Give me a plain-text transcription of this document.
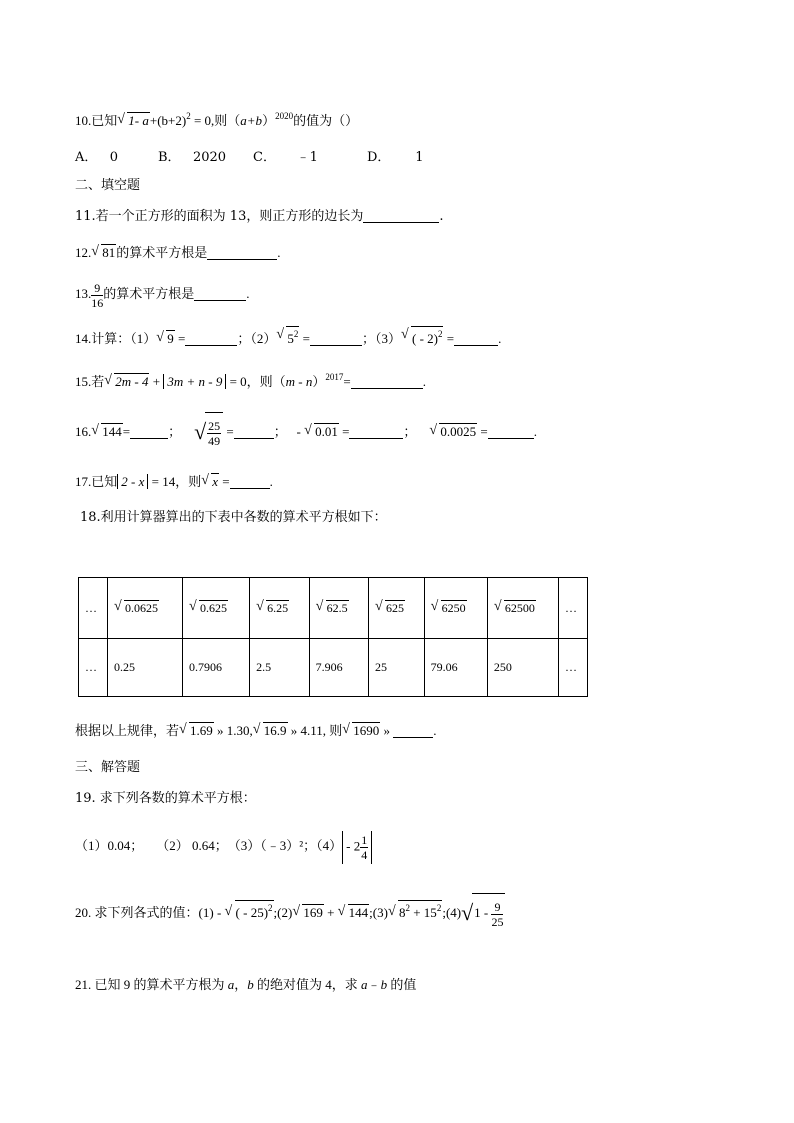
10.已知 √ 1- $a+(b+2)^2 = 0$,则$(a+b)^{2020}$的值为（）
A． 0	B． 2020 C． ﹣1	D． 1
二、填空题
11.若一个正方形的面积为 13，则正方形的边长为	.
12. √ 81的算术平方根是	.
13. $\frac{9}{16}$ 的算术平方根是	.
14.计算：（1） √ 9 =	；（2） √ $5^2$ =	；（3） √ ( - 2)$^2$ =	.
15.若 √ 2m - 4 + 3m + n - 9 = 0，则（m - n）$^{2017}$=	.
16. √ 144=	； √ $\frac{25}{49}$ =	； - √ 0.01 =	； √ 0.0025 =	.
17.已知 2 - x = 14，则 √ x =	.
18.利用计算器算出的下表中各数的算术平方根如下：
…	√ 0.0625	√ 0.625	√ 6.25	√ 62.5	√ 625	√ 6250	√ 62500	…
…	0.25	0.7906	2.5	7.906	25	79.06	250	…
根据以上规律，若 √ 1.69 » 1.30, √ 16.9 » 4.11, 则 √ 1690 »	.
三、解答题
19. 求下列各数的算术平方根：
（1）0.04；　　（2） 0.64；　（3）（﹣3）²；$(4) - 2 \frac{1}{4}$
20. 求下列各式的值：(1) - √ ( - 25)$^2$;(2) √ 169 + √ 144;(3) √ $8^2$ + $15^2;(4)$ √ $1 - \frac{9}{25}$
21. 已知 9 的算术平方根为 a，b 的绝对值为 4，求 a﹣b 的值
